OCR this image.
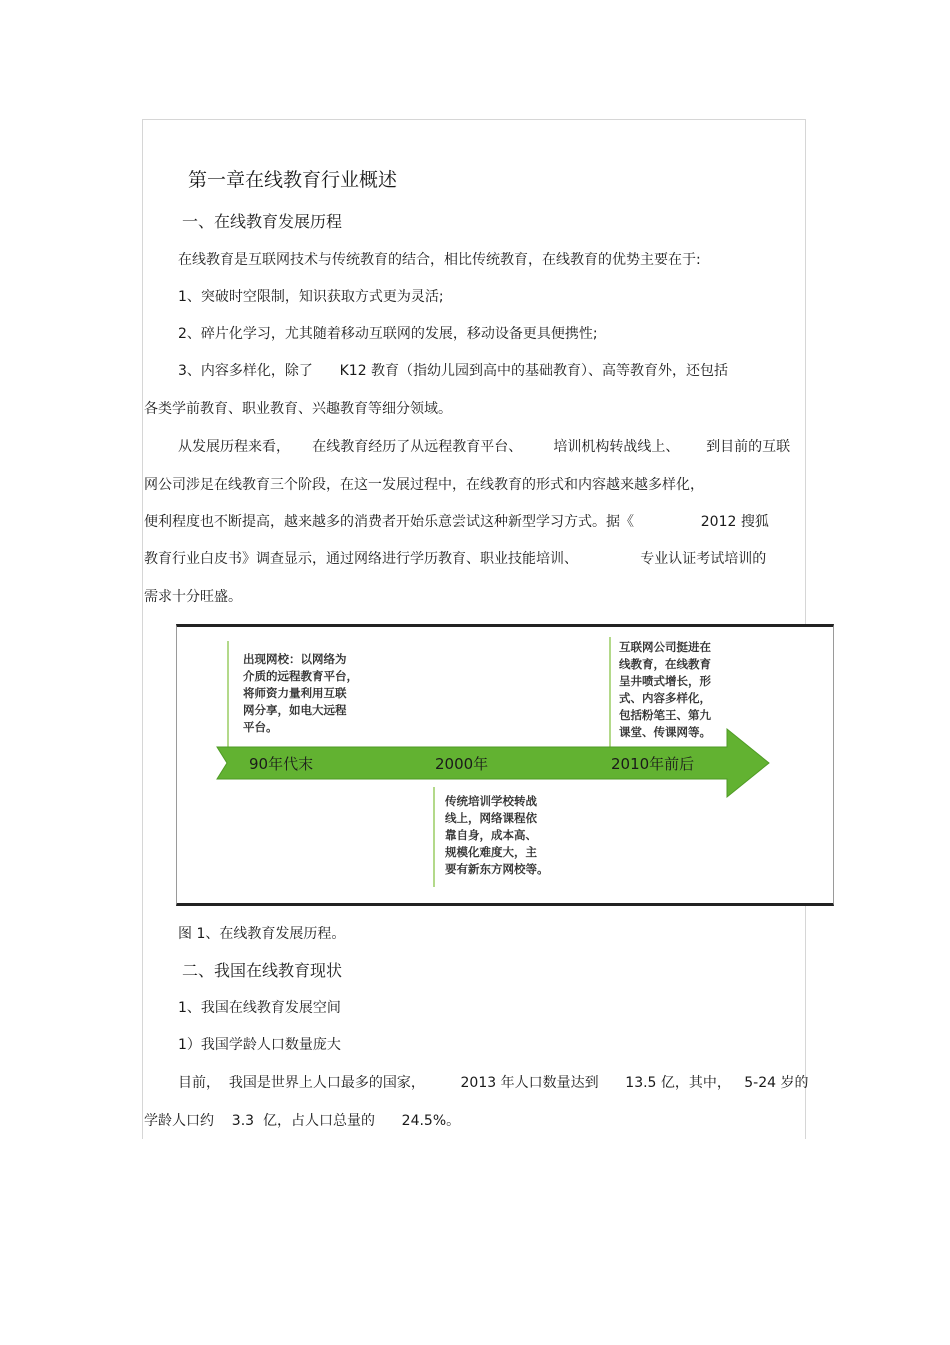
第一章在线教育行业概述
一、在线教育发展历程
在线教育是互联网技术与传统教育的结合，相比传统教育，在线教育的优势主要在于:
1、突破时空限制，知识获取方式更为灵活;
2、碎片化学习，尤其随着移动互联网的发展，移动设备更具便携性;
3、内容多样化，除了      K12 教育（指幼儿园到高中的基础教育）、高等教育外，还包括
各类学前教育、职业教育、兴趣教育等细分领域。
从发展历程来看，     在线教育经历了从远程教育平台、       培训机构转战线上、      到目前的互联
网公司涉足在线教育三个阶段，在这一发展过程中，在线教育的形式和内容越来越多样化，
便利程度也不断提高，越来越多的消费者开始乐意尝试这种新型学习方式。据《               2012 搜狐
教育行业白皮书》调查显示，通过网络进行学历教育、职业技能培训、              专业认证考试培训的
需求十分旺盛。
出现网校：以网络为
介质的远程教育平台，
将师资力量利用互联
网分享，如电大远程
平台。
传统培训学校转战
线上，网络课程依
靠自身，成本高、
规模化难度大，主
要有新东方网校等。
互联网公司挺进在
线教育，在线教育
呈井喷式增长，形
式、内容多样化，
包括粉笔王、第九
课堂、传课网等。
90年代末	2000年	2010年前后
图 1、在线教育发展历程。
二、我国在线教育现状
1、我国在线教育发展空间
1）我国学龄人口数量庞大
目前，  我国是世界上人口最多的国家，        2013 年人口数量达到      13.5 亿，其中，   5-24 岁的
学龄人口约    3.3  亿，占人口总量的      24.5%。
